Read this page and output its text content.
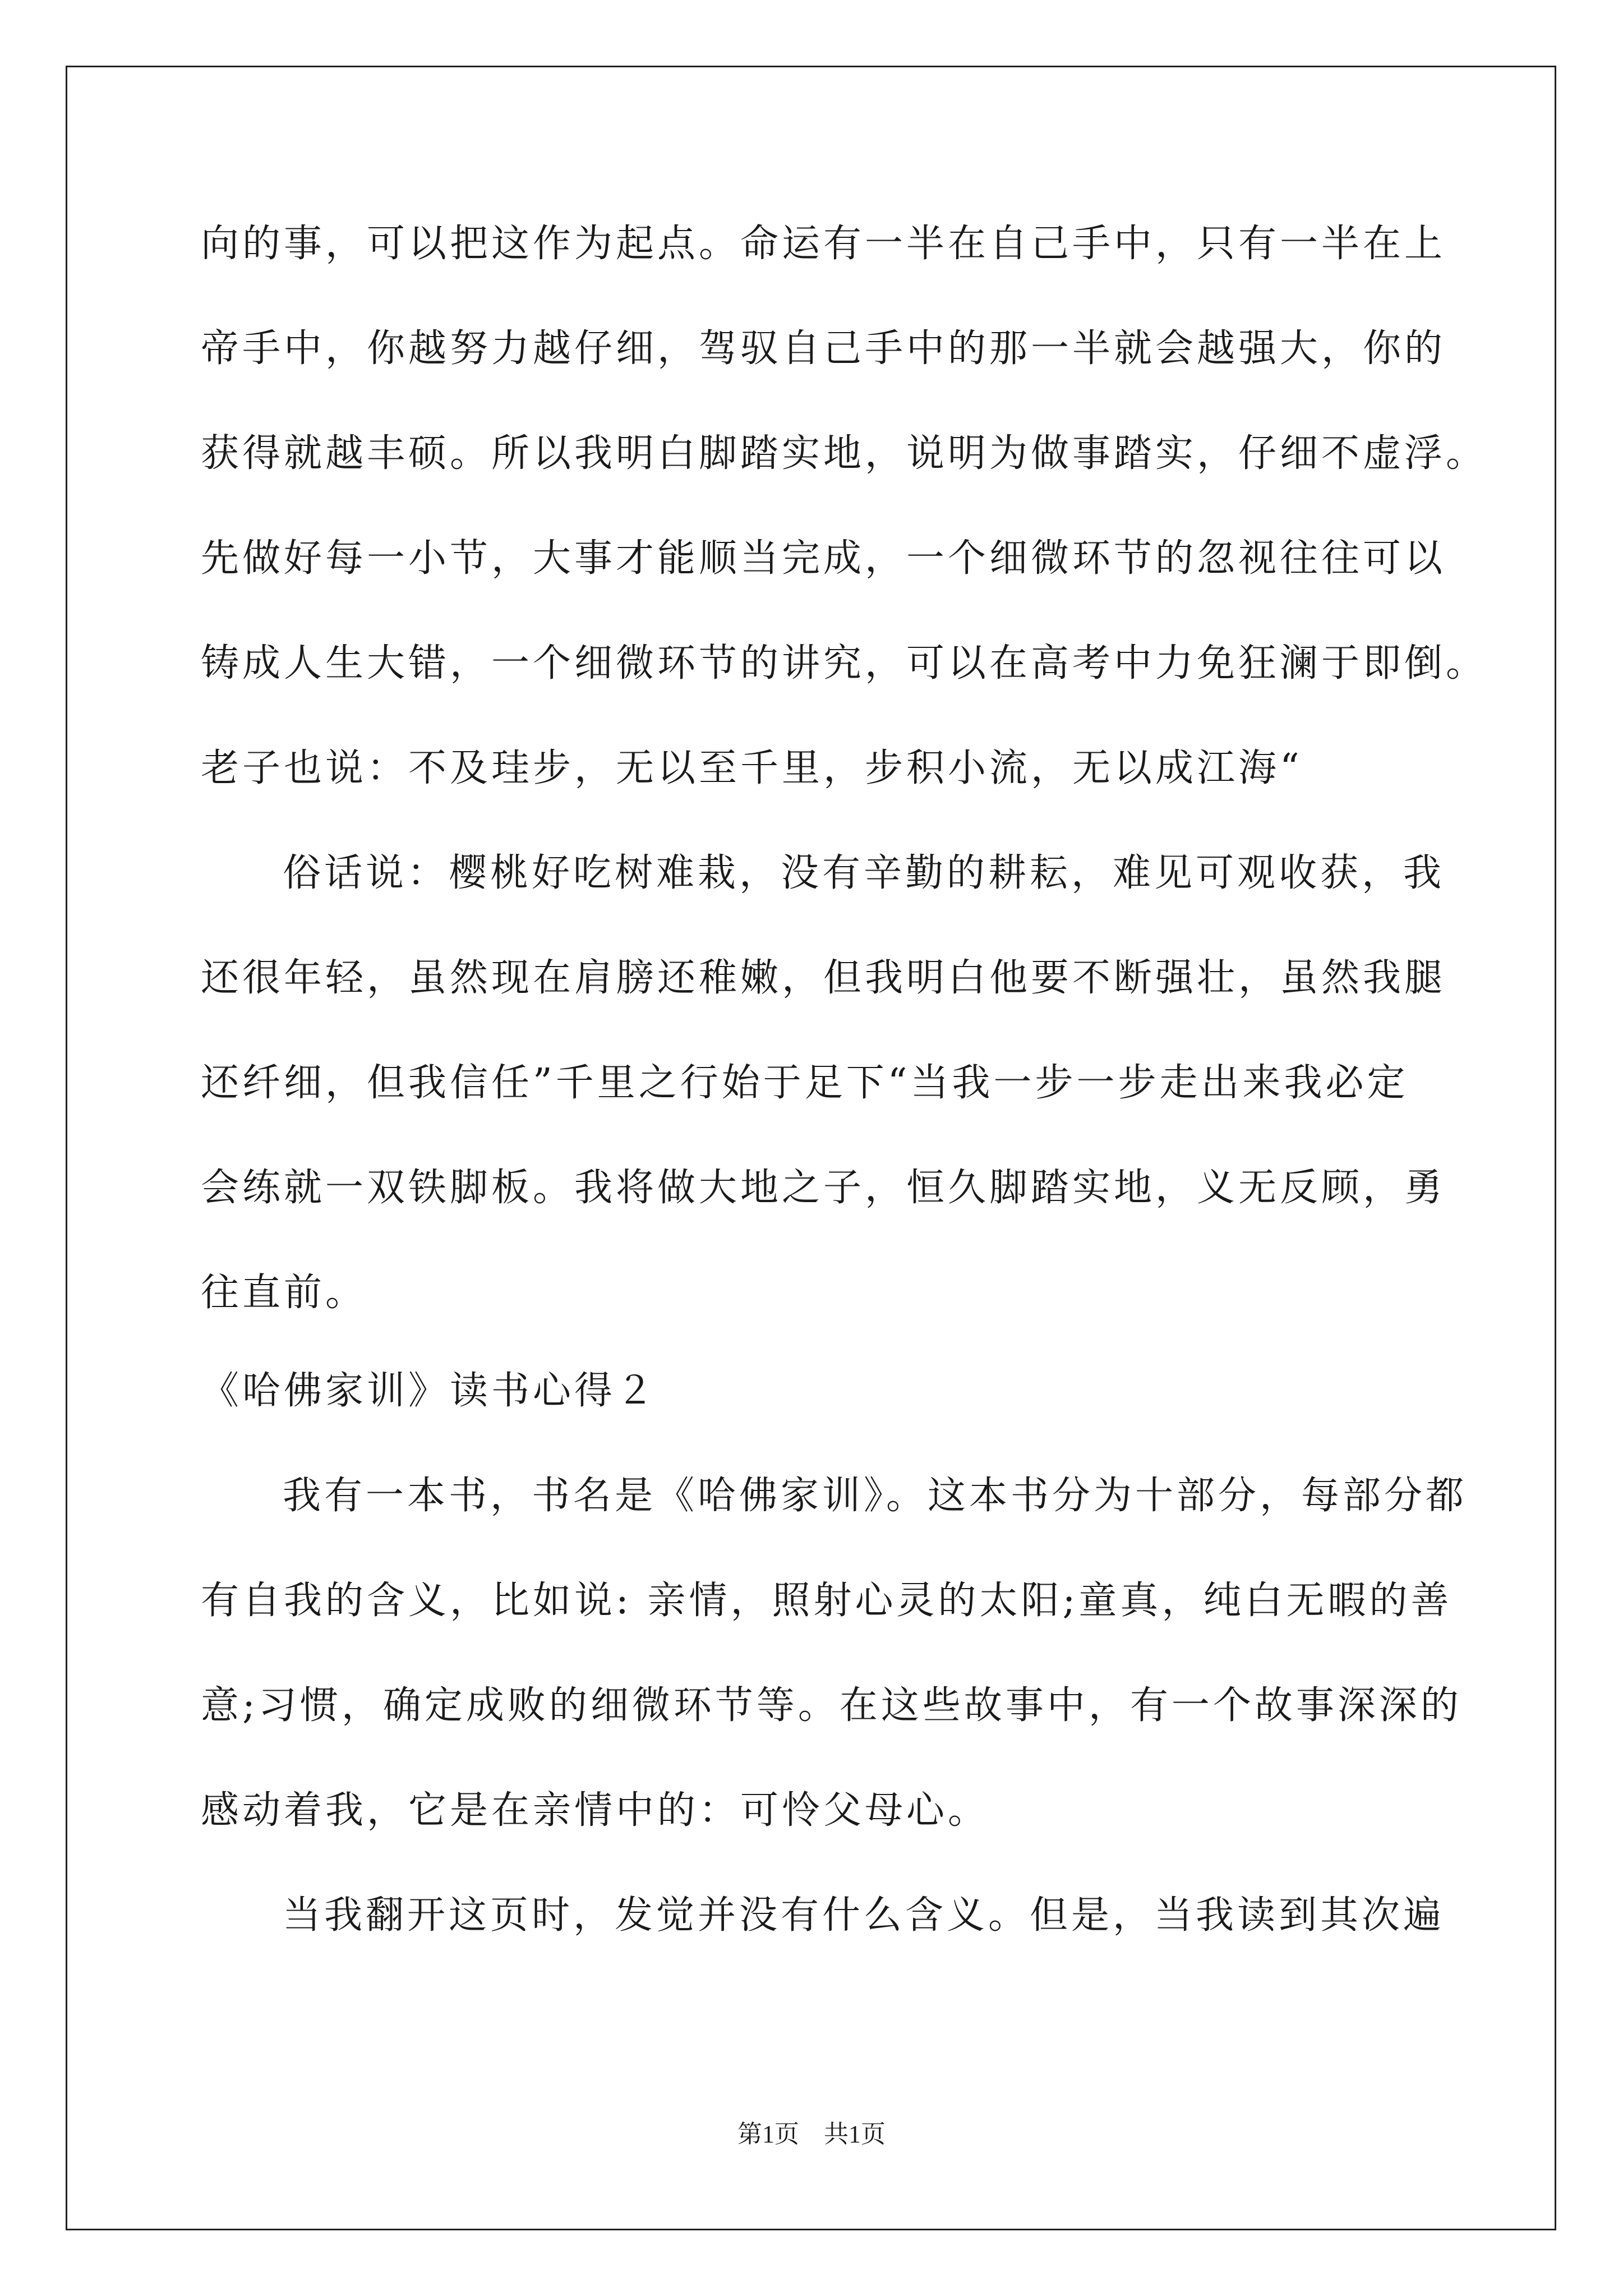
向的事，可以把这作为起点。命运有一半在自己手中，只有一半在上
帝手中，你越努力越仔细，驾驭自己手中的那一半就会越强大，你的
获得就越丰硕。所以我明白脚踏实地，说明为做事踏实，仔细不虚浮。
先做好每一小节，大事才能顺当完成，一个细微环节的忽视往往可以
铸成人生大错，一个细微环节的讲究，可以在高考中力免狂澜于即倒。
老子也说：不及珪步，无以至千里，步积小流，无以成江海“
俗话说：樱桃好吃树难栽，没有辛勤的耕耘，难见可观收获，我
还很年轻，虽然现在肩膀还稚嫩，但我明白他要不断强壮，虽然我腿
还纤细，但我信任”千里之行始于足下“当我一步一步走出来我必定
会练就一双铁脚板。我将做大地之子，恒久脚踏实地，义无反顾，勇
往直前。
《哈佛家训》读书心得２
我有一本书，书名是《哈佛家训》。这本书分为十部分，每部分都
有自我的含义，比如说: 亲情，照射心灵的太阳;童真，纯白无暇的善
意;习惯，确定成败的细微环节等。在这些故事中，有一个故事深深的
感动着我，它是在亲情中的：可怜父母心。
当我翻开这页时，发觉并没有什么含义。但是，当我读到其次遍
第1页　共1页
